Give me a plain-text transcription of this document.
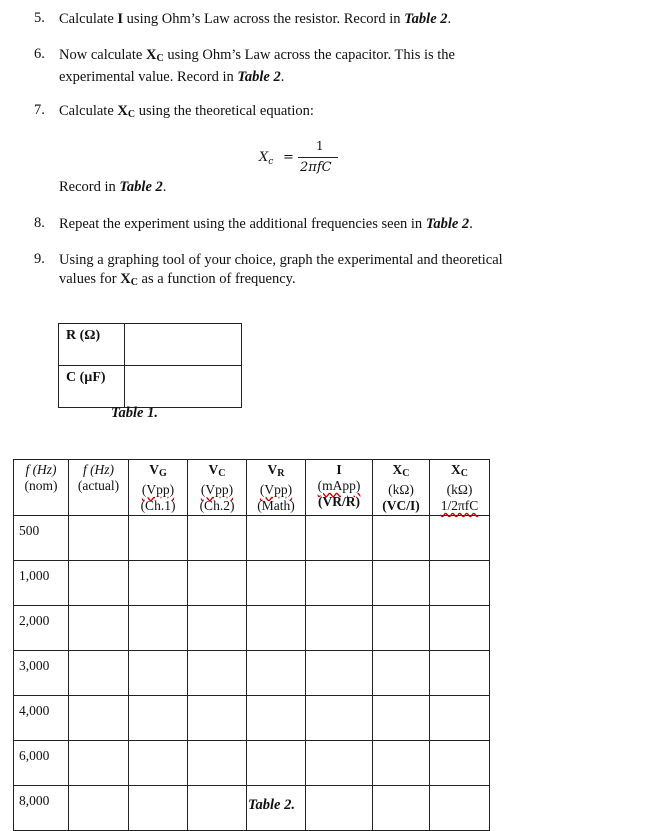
5. Calculate I using Ohm’s Law across the resistor. Record in Table 2.
6. Now calculate $X_C$ using Ohm’s Law across the capacitor. This is the
experimental value. Record in Table 2.
7. Calculate $X_C$ using the theoretical equation:
$X_c$ =
1
2πfC
Record in Table 2.
8. Repeat the experiment using the additional frequencies seen in Table 2.
9. Using a graphing tool of your choice, graph the experimental and theoretical
values for $X_C$ as a function of frequency.
R (Ω)	
C (µF)	
Table 1.
f (Hz)
(nom)	f (Hz)
(actual)	$V_G$
(Vpp)
(Ch.1)	$V_C$
(Vpp)
(Ch.2)	$V_R$
(Vpp)
(Math)	I
(mApp)
(VR/R)	$X_C$
(kΩ)
(VC/I)	$X_C$
(kΩ)
1/2πfC
500							
1,000							
2,000							
3,000							
4,000							
6,000							
8,000								Table 2.
